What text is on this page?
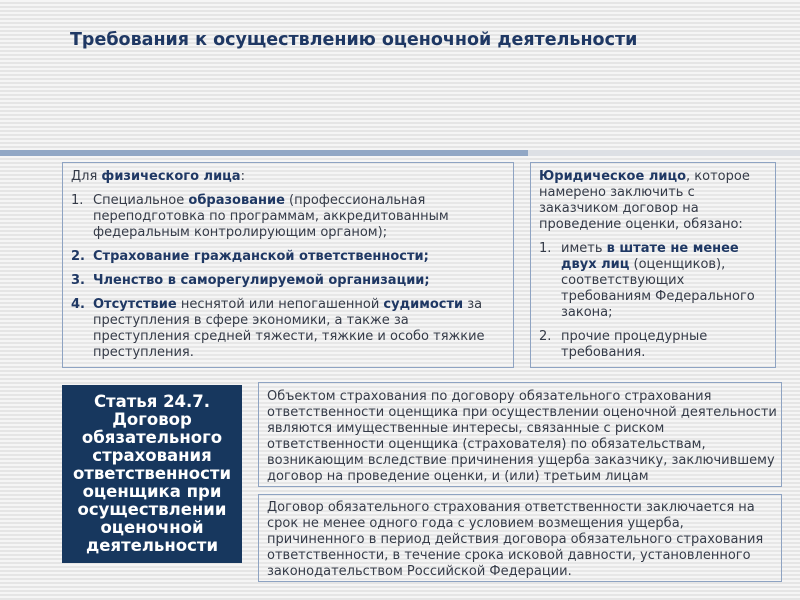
Требования к осуществлению оценочной деятельности
Для физического лица:
1. Специальное образование (профессиональная переподготовка по программам, аккредитованным федеральным контролирующим органом);
2. Страхование гражданской ответственности;
3. Членство в саморегулируемой организации;
4. Отсутствие неснятой или непогашенной судимости за преступления в сфере экономики, а также за преступления средней тяжести, тяжкие и особо тяжкие преступления.
Юридическое лицо, которое намерено заключить с заказчиком договор на проведение оценки, обязано:
1. иметь в штате не менее двух лиц (оценщиков), соответствующих требованиям Федерального закона;
2. прочие процедурные требования.
Статья 24.7.
Договор обязательного страхования ответственности оценщика при осуществлении оценочной деятельности
Объектом страхования по договору обязательного страхования ответственности оценщика при осуществлении оценочной деятельности являются имущественные интересы, связанные с риском ответственности оценщика (страхователя) по обязательствам, возникающим вследствие причинения ущерба заказчику, заключившему договор на проведение оценки, и (или) третьим лицам
Договор обязательного страхования ответственности заключается на срок не менее одного года с условием возмещения ущерба, причиненного в период действия договора обязательного страхования ответственности, в течение срока исковой давности, установленного законодательством Российской Федерации.
